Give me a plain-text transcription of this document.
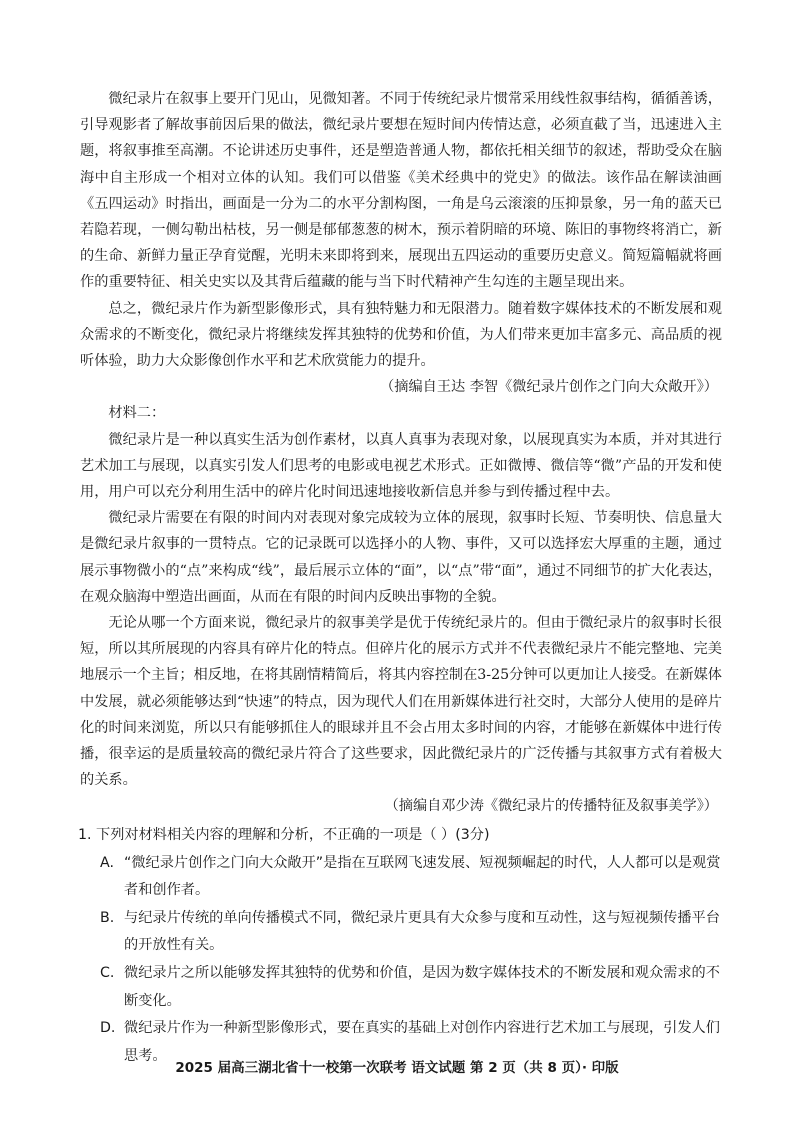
微纪录片在叙事上要开门见山，见微知著。不同于传统纪录片惯常采用线性叙事结构，循循善诱，引导观影者了解故事前因后果的做法，微纪录片要想在短时间内传情达意，必须直截了当，迅速进入主题，将叙事推至高潮。不论讲述历史事件，还是塑造普通人物，都依托相关细节的叙述，帮助受众在脑海中自主形成一个相对立体的认知。我们可以借鉴《美术经典中的党史》的做法。该作品在解读油画《五四运动》时指出，画面是一分为二的水平分割构图，一角是乌云滚滚的压抑景象，另一角的蓝天已若隐若现，一侧勾勒出枯枝，另一侧是郁郁葱葱的树木，预示着阴暗的环境、陈旧的事物终将消亡，新的生命、新鲜力量正孕育觉醒，光明未来即将到来，展现出五四运动的重要历史意义。简短篇幅就将画作的重要特征、相关史实以及其背后蕴藏的能与当下时代精神产生勾连的主题呈现出来。

总之，微纪录片作为新型影像形式，具有独特魅力和无限潜力。随着数字媒体技术的不断发展和观众需求的不断变化，微纪录片将继续发挥其独特的优势和价值，为人们带来更加丰富多元、高品质的视听体验，助力大众影像创作水平和艺术欣赏能力的提升。

（摘编自王达 李智《微纪录片创作之门向大众敞开》）

材料二：

微纪录片是一种以真实生活为创作素材，以真人真事为表现对象，以展现真实为本质，并对其进行艺术加工与展现，以真实引发人们思考的电影或电视艺术形式。正如微博、微信等“微”产品的开发和使用，用户可以充分利用生活中的碎片化时间迅速地接收新信息并参与到传播过程中去。

微纪录片需要在有限的时间内对表现对象完成较为立体的展现，叙事时长短、节奏明快、信息量大是微纪录片叙事的一贯特点。它的记录既可以选择小的人物、事件，又可以选择宏大厚重的主题，通过展示事物微小的“点”来构成“线”，最后展示立体的“面”，以“点”带“面”，通过不同细节的扩大化表达，在观众脑海中塑造出画面，从而在有限的时间内反映出事物的全貌。

无论从哪一个方面来说，微纪录片的叙事美学是优于传统纪录片的。但由于微纪录片的叙事时长很短，所以其所展现的内容具有碎片化的特点。但碎片化的展示方式并不代表微纪录片不能完整地、完美地展示一个主旨；相反地，在将其剧情精简后，将其内容控制在3-25分钟可以更加让人接受。在新媒体中发展，就必须能够达到“快速”的特点，因为现代人们在用新媒体进行社交时，大部分人使用的是碎片化的时间来浏览，所以只有能够抓住人的眼球并且不会占用太多时间的内容，才能够在新媒体中进行传播，很幸运的是质量较高的微纪录片符合了这些要求，因此微纪录片的广泛传播与其叙事方式有着极大的关系。

（摘编自邓少涛《微纪录片的传播特征及叙事美学》）

1. 下列对材料相关内容的理解和分析，不正确的一项是（ ）(3分)
A. “微纪录片创作之门向大众敞开”是指在互联网飞速发展、短视频崛起的时代，人人都可以是观赏者和创作者。
B. 与纪录片传统的单向传播模式不同，微纪录片更具有大众参与度和互动性，这与短视频传播平台的开放性有关。
C. 微纪录片之所以能够发挥其独特的优势和价值，是因为数字媒体技术的不断发展和观众需求的不断变化。
D. 微纪录片作为一种新型影像形式，要在真实的基础上对创作内容进行艺术加工与展现，引发人们思考。
2025 届高三湖北省十一校第一次联考 语文试题 第 2 页（共 8 页）· 印版
